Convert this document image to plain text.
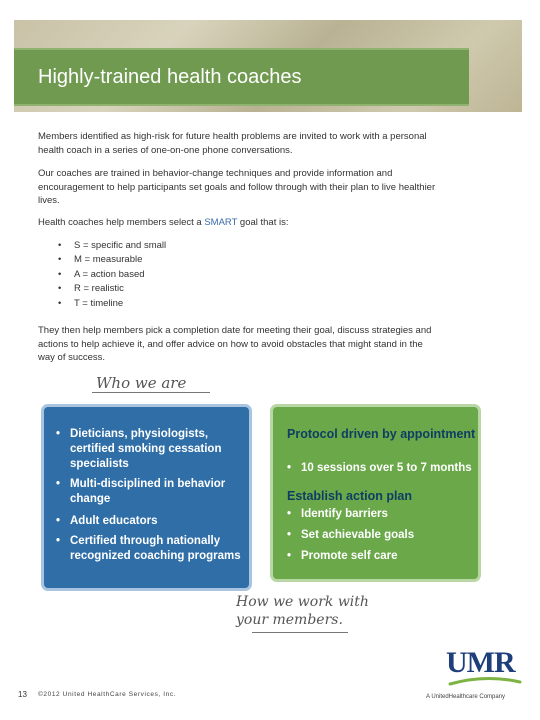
Highly-trained health coaches

Members identified as high-risk for future health problems are invited to work with a personal health coach in a series of one-on-one phone conversations.

Our coaches are trained in behavior-change techniques and provide information and encouragement to help participants set goals and follow through with their plan to live healthier lives.

Health coaches help members select a SMART goal that is:

• S = specific and small
• M = measurable
• A = action based
• R = realistic
• T = timeline

They then help members pick a completion date for meeting their goal, discuss strategies and actions to help achieve it, and offer advice on how to avoid obstacles that might stand in the way of success.

Who we are
• Dieticians, physiologists, certified smoking cessation specialists
• Multi-disciplined in behavior change
• Adult educators
• Certified through nationally recognized coaching programs
Protocol driven by appointment
• 10 sessions over 5 to 7 months
Establish action plan
• Identify barriers
• Set achievable goals
• Promote self care
How we work with your members.
13 ©2012 United HealthCare Services, Inc.
UMR
A UnitedHealthcare Company
